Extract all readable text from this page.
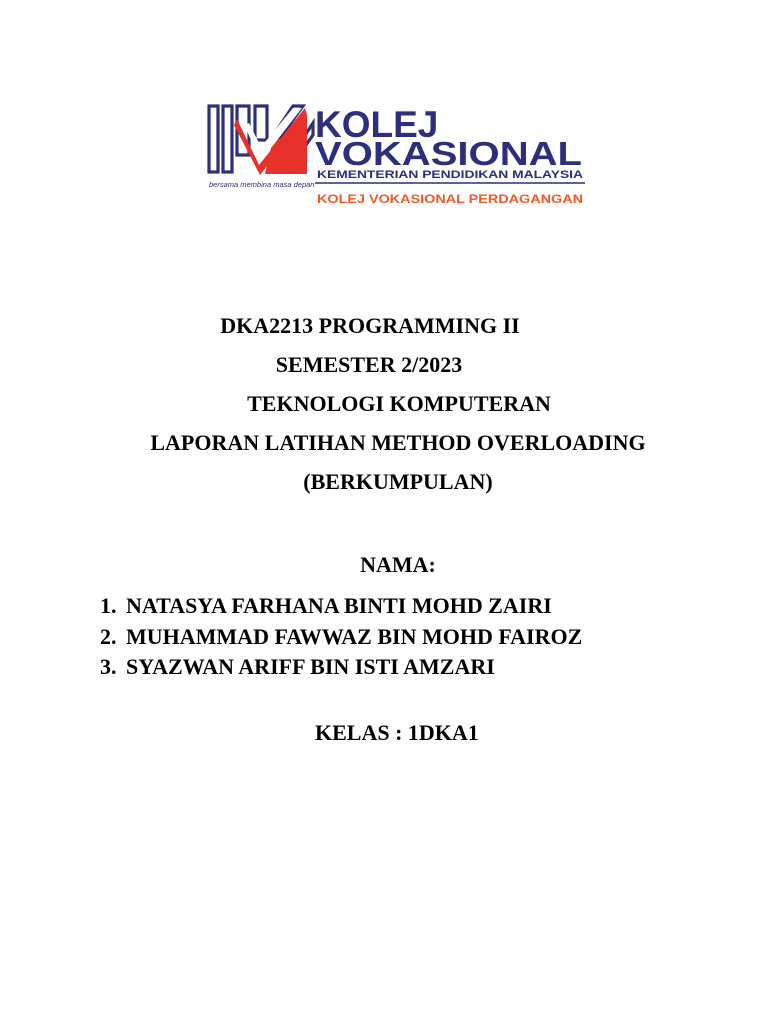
bersama membina masa depan
KOLEJ
VOKASIONAL
KEMENTERIAN PENDIDIKAN MALAYSIA
KOLEJ VOKASIONAL PERDAGANGAN
DKA2213 PROGRAMMING II
SEMESTER 2/2023
TEKNOLOGI KOMPUTERAN
LAPORAN LATIHAN METHOD OVERLOADING
(BERKUMPULAN)
NAMA:
1. NATASYA FARHANA BINTI MOHD ZAIRI
2. MUHAMMAD FAWWAZ BIN MOHD FAIROZ
3. SYAZWAN ARIFF BIN ISTI AMZARI
KELAS : 1DKA1
